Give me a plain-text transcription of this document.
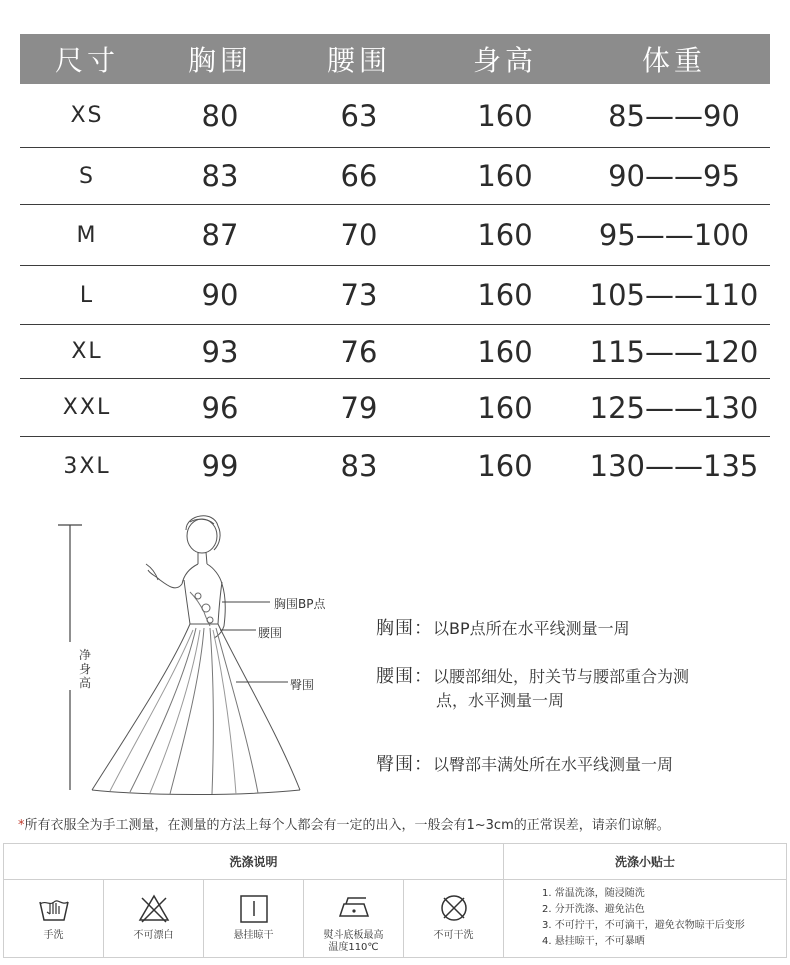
尺寸	胸围	腰围	身高	体重
XS	80	63	160	85——90
S	83	66	160	90——95
M	87	70	160	95——100
L	90	73	160	105——110
XL	93	76	160	115——120
XXL	96	79	160	125——130
3XL	99	83	160	130——135
净身高
胸围BP点
腰围
臀围
胸围：以BP点所在水平线测量一周
腰围：以腰部细处，肘关节与腰部重合为测
点，水平测量一周
臀围：以臀部丰满处所在水平线测量一周
*所有衣服全为手工测量，在测量的方法上每个人都会有一定的出入，一般会有1~3cm的正常误差，请亲们谅解。
洗涤说明	洗涤小贴士
手洗	不可漂白	悬挂晾干	熨斗底板最高
温度110℃
不可干洗
1. 常温洗涤，随浸随洗
2. 分开洗涤、避免沾色
3. 不可拧干，不可滴干，避免衣物晾干后变形
4. 悬挂晾干，不可暴晒
